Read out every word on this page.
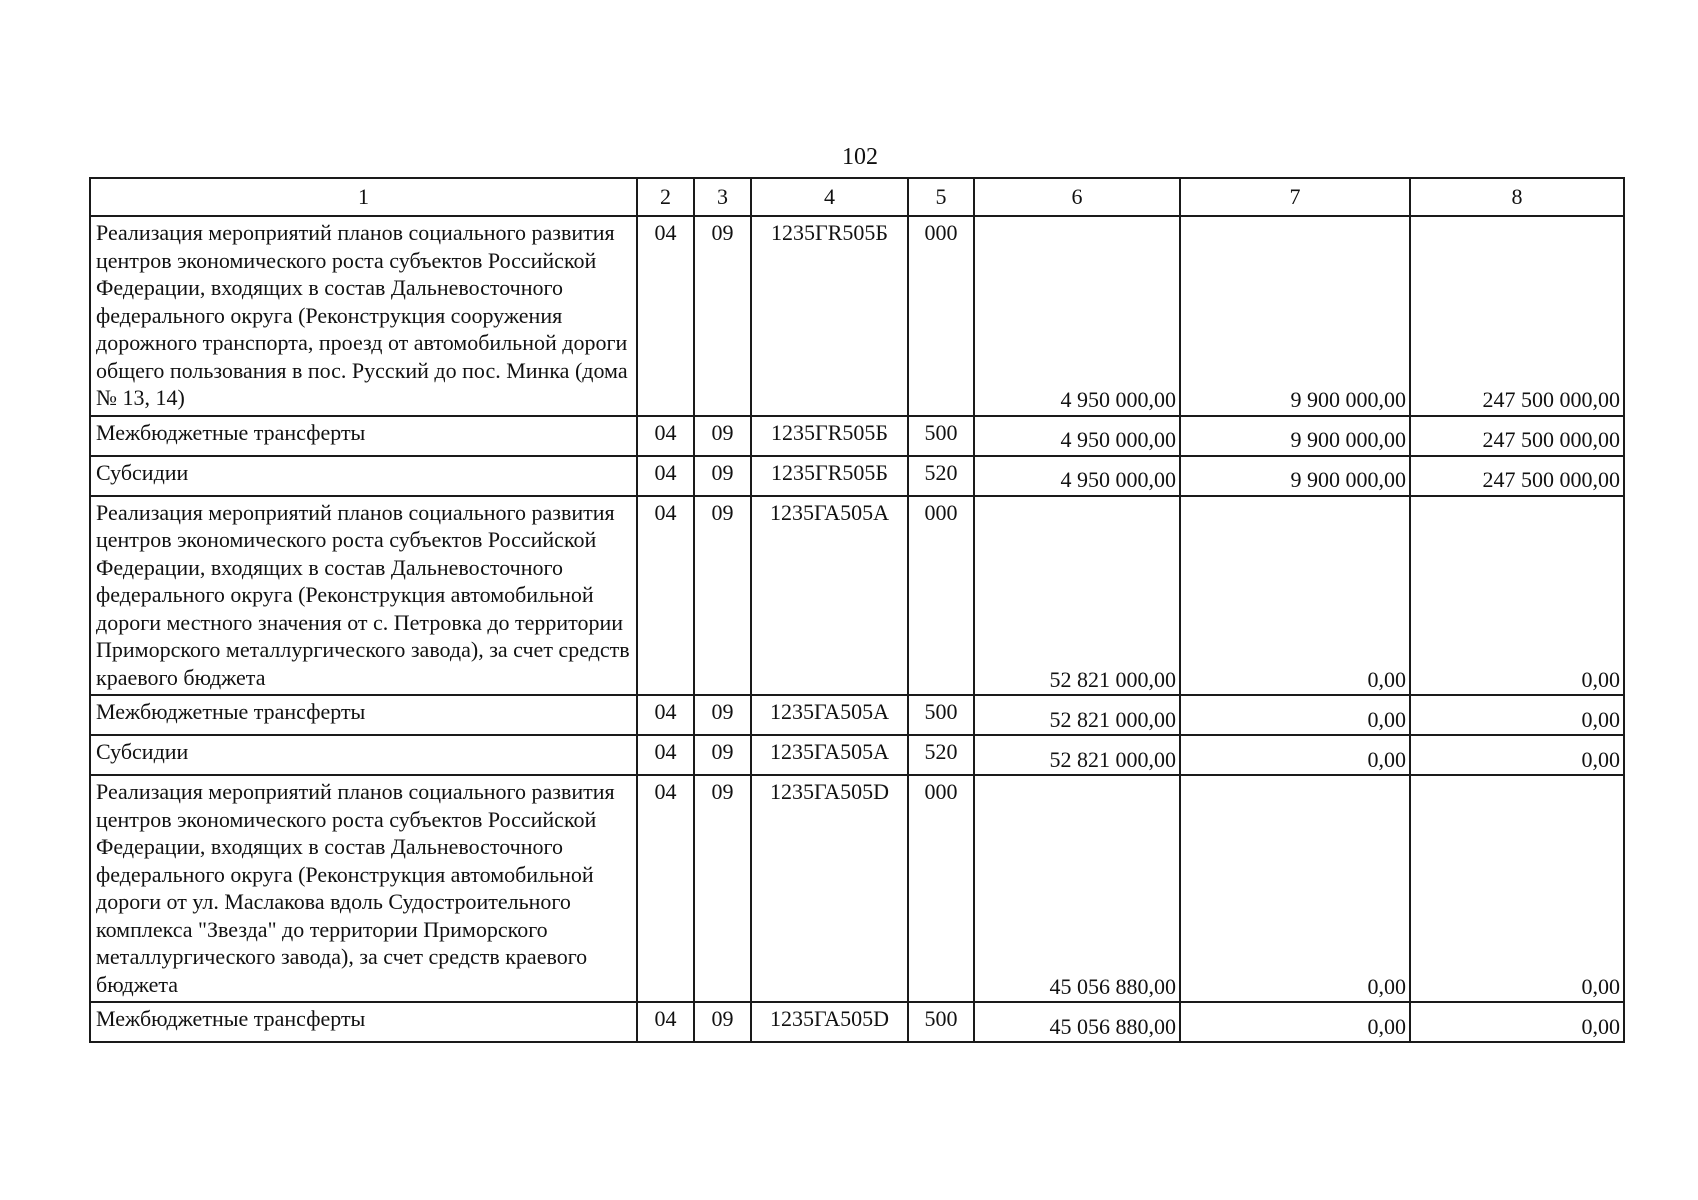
102
1	2	3	4	5	6	7	8
Реализация мероприятий планов социального развития центров экономического роста субъектов Российской Федерации, входящих в состав Дальневосточного федерального округа (Реконструкция сооружения дорожного транспорта, проезд от автомобильной дороги общего пользования в пос. Русский до пос. Минка (дома № 13, 14)	04	09	1235ГR505Б	000	4 950 000,00	9 900 000,00	247 500 000,00
Межбюджетные трансферты	04	09	1235ГR505Б	500	4 950 000,00	9 900 000,00	247 500 000,00
Субсидии	04	09	1235ГR505Б	520	4 950 000,00	9 900 000,00	247 500 000,00
Реализация мероприятий планов социального развития центров экономического роста субъектов Российской Федерации, входящих в состав Дальневосточного федерального округа (Реконструкция автомобильной дороги местного значения от с. Петровка до территории Приморского металлургического завода), за счет средств краевого бюджета	04	09	1235ГА505А	000	52 821 000,00	0,00	0,00
Межбюджетные трансферты	04	09	1235ГА505А	500	52 821 000,00	0,00	0,00
Субсидии	04	09	1235ГА505А	520	52 821 000,00	0,00	0,00
Реализация мероприятий планов социального развития центров экономического роста субъектов Российской Федерации, входящих в состав Дальневосточного федерального округа (Реконструкция автомобильной дороги от ул. Маслакова вдоль Судостроительного комплекса "Звезда" до территории Приморского металлургического завода), за счет средств краевого бюджета	04	09	1235ГА505D	000	45 056 880,00	0,00	0,00
Межбюджетные трансферты	04	09	1235ГА505D	500	45 056 880,00	0,00	0,00
